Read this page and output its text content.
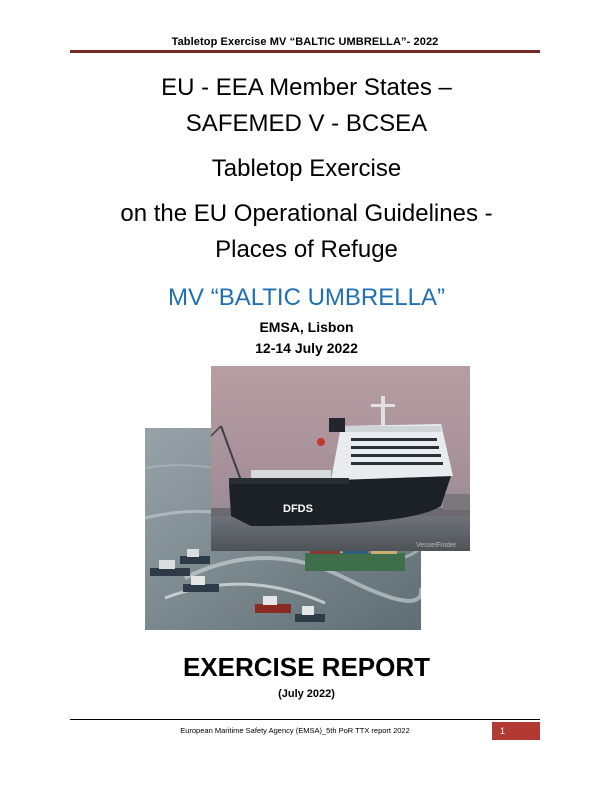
Tabletop Exercise MV “BALTIC UMBRELLA”- 2022
EU - EEA Member States –
SAFEMED V - BCSEA
Tabletop Exercise
on the EU Operational Guidelines -
Places of Refuge
MV “BALTIC UMBRELLA”
EMSA, Lisbon
12-14 July 2022
DFDS
VesselFinder
EXERCISE REPORT
(July 2022)
European Maritime Safety Agency (EMSA)_5th PoR TTX report 2022	1
